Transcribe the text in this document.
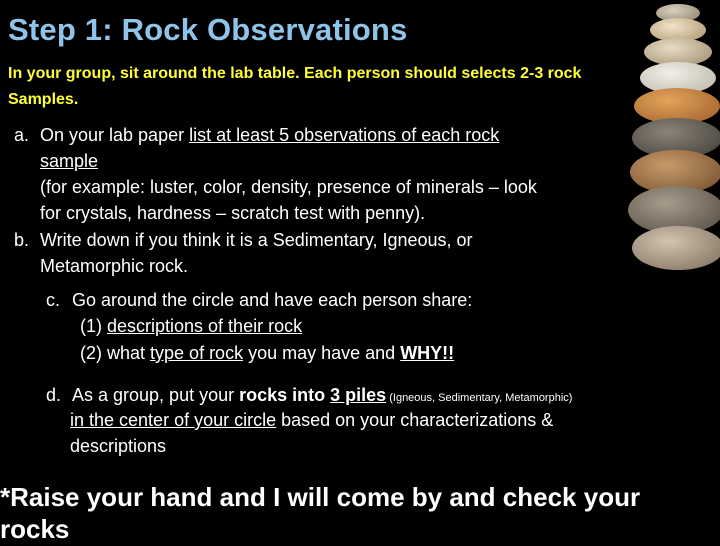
Step 1: Rock Observations
In your group, sit around the lab table. Each person should selects 2-3 rock
Samples.
a. On your lab paper list at least 5 observations of each rock
sample
(for example: luster, color, density, presence of minerals – look
for crystals, hardness – scratch test with penny).
b. Write down if you think it is a Sedimentary, Igneous, or
Metamorphic rock.
c. Go around the circle and have each person share:
(1) descriptions of their rock
(2) what type of rock you may have and WHY!!
d. As a group, put your rocks into 3 piles (Igneous, Sedimentary, Metamorphic)
in the center of your circle based on your characterizations &
descriptions
*Raise your hand and I will come by and check your
rocks
